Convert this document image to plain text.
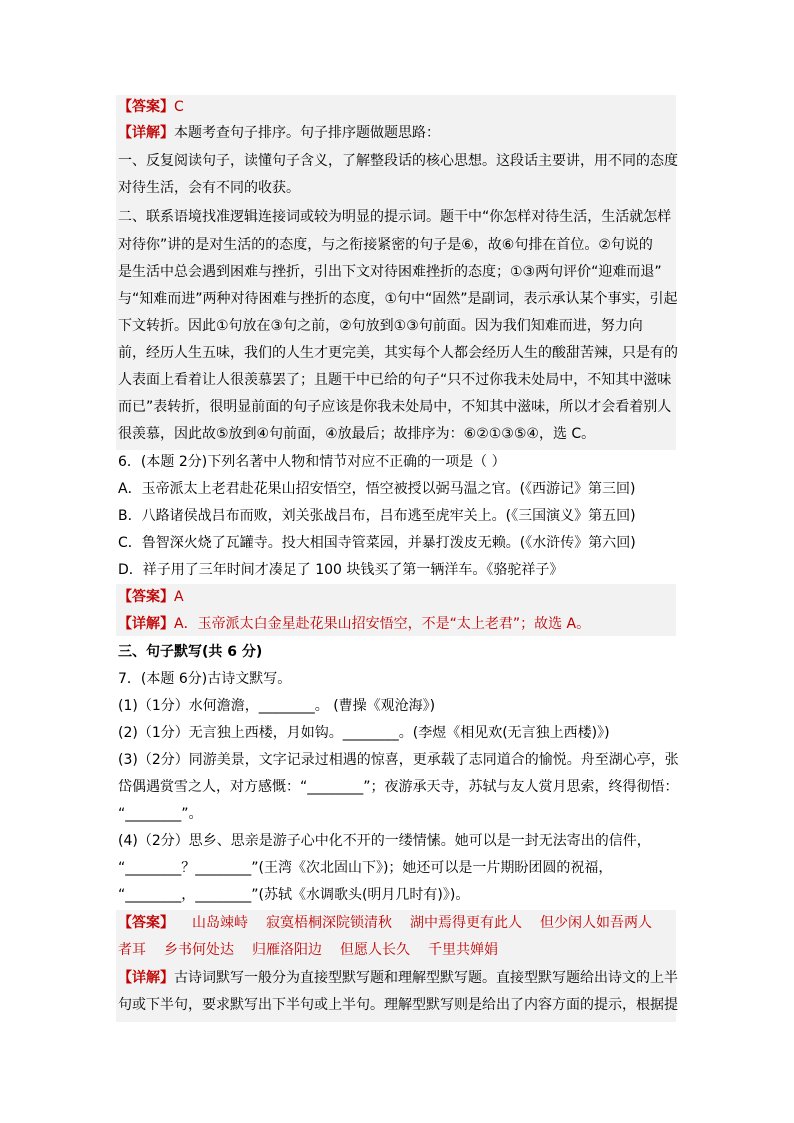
【答案】C
【详解】本题考查句子排序。句子排序题做题思路：
一、反复阅读句子，读懂句子含义，了解整段话的核心思想。这段话主要讲，用不同的态度
对待生活，会有不同的收获。
二、联系语境找准逻辑连接词或较为明显的提示词。题干中“你怎样对待生活，生活就怎样
对待你”讲的是对生活的的态度，与之衔接紧密的句子是⑥，故⑥句排在首位。②句说的
是生活中总会遇到困难与挫折，引出下文对待困难挫折的态度；①③两句评价“迎难而退”
与“知难而进”两种对待困难与挫折的态度，①句中“固然”是副词，表示承认某个事实，引起
下文转折。因此①句放在③句之前，②句放到①③句前面。因为我们知难而进，努力向
前，经历人生五味，我们的人生才更完美，其实每个人都会经历人生的酸甜苦辣，只是有的
人表面上看着让人很羡慕罢了；且题干中已给的句子“只不过你我未处局中，不知其中滋味
而已”表转折，很明显前面的句子应该是你我未处局中，不知其中滋味，所以才会看着别人
很羡慕，因此故⑤放到④句前面，④放最后；故排序为：⑥②①③⑤④，选 C。
6．(本题 2分)下列名著中人物和情节对应不正确的一项是（ ）
A．玉帝派太上老君赴花果山招安悟空，悟空被授以弼马温之官。(《西游记》第三回)
B．八路诸侯战吕布而败，刘关张战吕布，吕布逃至虎牢关上。(《三国演义》第五回)
C．鲁智深火烧了瓦罐寺。投大相国寺管菜园，并暴打泼皮无赖。(《水浒传》第六回)
D．祥子用了三年时间才凑足了 100 块钱买了第一辆洋车。《骆驼祥子》
【答案】A
【详解】A．玉帝派太白金星赴花果山招安悟空，不是“太上老君”；故选 A。
三、句子默写(共 6 分)
7．(本题 6分)古诗文默写。
(1)（1分）水何澹澹，________。 (曹操《观沧海》)
(2)（1分）无言独上西楼，月如钩。________。(李煜《相见欢(无言独上西楼)》)
(3)（2分）同游美景，文字记录过相遇的惊喜，更承载了志同道合的愉悦。舟至湖心亭，张
岱偶遇赏雪之人，对方感慨：“________”；夜游承天寺，苏轼与友人赏月思索，终得彻悟：
“________”。
(4)（2分）思乡、思亲是游子心中化不开的一缕情愫。她可以是一封无法寄出的信件，
“________？________”(王湾《次北固山下》)；她还可以是一片期盼团圆的祝福，
“________，________”(苏轼《水调歌头(明月几时有)》)。
【答案】 山岛竦峙 寂寞梧桐深院锁清秋 湖中焉得更有此人 但少闲人如吾两人
者耳 乡书何处达 归雁洛阳边 但愿人长久 千里共婵娟
【详解】古诗词默写一般分为直接型默写题和理解型默写题。直接型默写题给出诗文的上半
句或下半句，要求默写出下半句或上半句。理解型默写则是给出了内容方面的提示，根据提
